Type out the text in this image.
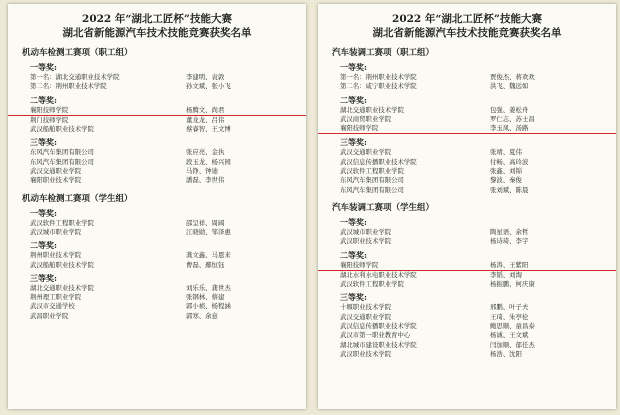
2022 年“湖北工匠杯”技能大赛
湖北省新能源汽车技术技能竞赛获奖名单
机动车检测工赛项（职工组）
一等奖:
第一名：湖北交通职业技术学院	李建明、袁敦
第二名：荆州职业技术学院	孙文斌、张小飞
二等奖:
襄阳技师学院	杨腾文、尚君
荆门技师学院	董龙龙、吕伟
武汉船舶职业技术学院	蔡睿智、王文博
三等奖:
东风汽车集团有限公司	张应亮、金执
东风汽车集团有限公司	段玉龙、杨兴园
武汉交通职业学院	马铮、钟迪
襄阳职业技术学院	潘磊、李世伟
机动车检测工赛项（学生组）
一等奖:
武汉软件工程职业学院	邵呈祥、周阔
武汉城市职业学院	江晓勋、邹泽惠
二等奖:
荆州职业技术学院	龚文鑫、马恩来
武汉船舶职业技术学院	曹磊、鄢恒钰
三等奖:
湖北交通职业技术学院	刘乐乐、龚世杰
荆州理工职业学院	张钢林、蔡建
武汉市交通学校	郭小祯、杨程涵
武昌职业学院	郭寒、余意
2022 年“湖北工匠杯”技能大赛
湖北省新能源汽车技术技能竞赛获奖名单
汽车装调工赛项（职工组）
一等奖:
第一名：荆州职业技术学院	贾俊杰、蒋欢欢
第二名：咸宁职业技术学院	洪飞、魏远如
二等奖:
湖北交通职业技术学院	包强、姜松舟
武汉商贸职业学院	罗仁志、苏士昌
襄阳技师学院	李玉凤、汤路
三等奖:
武汉交通职业学院	张靖、夏伟
武汉信息传播职业技术学院	付畅、高玲波
武汉软件工程职业学院	张鑫、刘锦
东风汽车集团有限公司	黎波、秦俊
东风汽车集团有限公司	张刘斌、陈晨
汽车装调工赛项（学生组）
一等奖:
武汉城市职业学院	陶星语、余哲
武汉职业技术学院	杨诗琦、李宇
二等奖:
襄阳技师学院	杨涛、王紫阳
湖北水利水电职业技术学院	李韬、刘淘
武汉软件工程职业学院	杨振鹏、柯庆康
三等奖:
十堰职业技术学院	邢鹏、叶子夫
武汉交通职业学院	王琦、朱亭伦
武汉信息传播职业技术学院	鲍思顺、童昌泰
武汉市第一职业教育中心	杨诚、王文斌
湖北城市建设职业技术学院	闫加顺、郁任杰
武汉职业技术学院	杨浩、沈阳
